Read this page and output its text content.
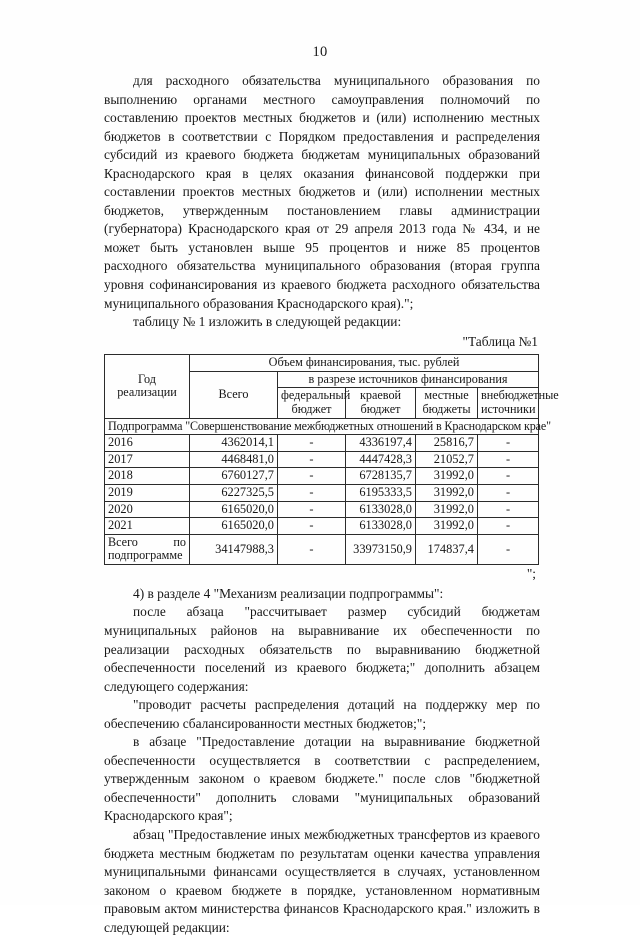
10

для расходного обязательства муниципального образования по выполнению органами местного самоуправления полномочий по составлению проектов местных бюджетов и (или) исполнению местных бюджетов в соответствии с Порядком предоставления и распределения субсидий из краевого бюджета бюджетам муниципальных образований Краснодарского края в целях оказания финансовой поддержки при составлении проектов местных бюджетов и (или) исполнении местных бюджетов, утвержденным постановлением главы администрации (губернатора) Краснодарского края от 29 апреля 2013 года № 434, и не может быть установлен выше 95 процентов и ниже 85 процентов расходного обязательства муниципального образования (вторая группа уровня софинансирования из краевого бюджета расходного обязательства муниципального образования Краснодарского края).";

таблицу № 1 изложить в следующей редакции:

"Таблица №1

Год реализации	Объем финансирования, тыс. рублей				
	Всего	в разрезе источников финансирования			
		федеральный бюджет	краевой бюджет	местные бюджеты	внебюджетные источники
Подпрограмма "Совершенствование межбюджетных отношений в Краснодарском крае"					
2016	4362014,1	-	4336197,4	25816,7	-
2017	4468481,0	-	4447428,3	21052,7	-
2018	6760127,7	-	6728135,7	31992,0	-
2019	6227325,5	-	6195333,5	31992,0	-
2020	6165020,0	-	6133028,0	31992,0	-
2021	6165020,0	-	6133028,0	31992,0	-
Всего по подпрограмме	34147988,3	-	33973150,9	174837,4	-

";

4) в разделе 4 "Механизм реализации подпрограммы":

после абзаца "рассчитывает размер субсидий бюджетам муниципальных районов на выравнивание их обеспеченности по реализации расходных обязательств по выравниванию бюджетной обеспеченности поселений из краевого бюджета;" дополнить абзацем следующего содержания:

"проводит расчеты распределения дотаций на поддержку мер по обеспечению сбалансированности местных бюджетов;";

в абзаце "Предоставление дотации на выравнивание бюджетной обеспеченности осуществляется в соответствии с распределением, утвержденным законом о краевом бюджете." после слов "бюджетной обеспеченности" дополнить словами "муниципальных образований Краснодарского края";

абзац "Предоставление иных межбюджетных трансфертов из краевого бюджета местным бюджетам по результатам оценки качества управления муниципальными финансами осуществляется в случаях, установленном законом о краевом бюджете в порядке, установленном нормативным правовым актом министерства финансов Краснодарского края." изложить в следующей редакции:
